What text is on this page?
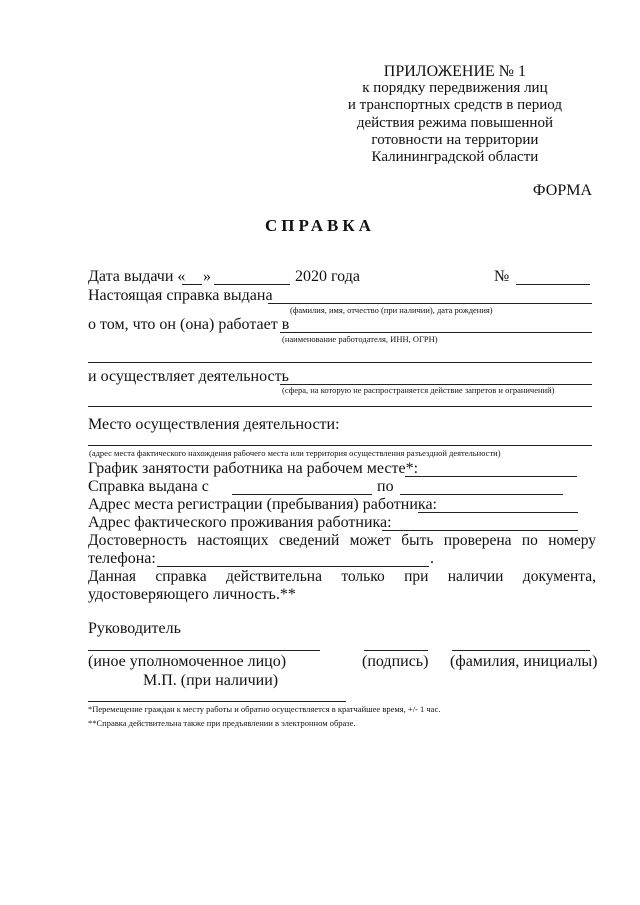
ПРИЛОЖЕНИЕ № 1
к порядку передвижения лиц
и транспортных средств в период
действия режима повышенной
готовности на территории
Калининградской области
ФОРМА
СПРАВКА
Дата выдачи « »	2020 года	№
Настоящая справка выдана
(фамилия, имя, отчество (при наличии), дата рождения)
о том, что он (она) работает в
(наименование работодателя, ИНН, ОГРН)
и осуществляет деятельность
(сфера, на которую не распространяется действие запретов и ограничений)
Место осуществления деятельности:
(адрес места фактического нахождения рабочего места или территория осуществления разъездной деятельности)
График занятости работника на рабочем месте*:
Справка выдана с	по
Адрес места регистрации (пребывания) работника:
Адрес фактического проживания работника:
Достоверность настоящих сведений может быть проверена по номеру
телефона:	.
Данная справка действительна только при наличии документа,
удостоверяющего личность.**
Руководитель
(иное уполномоченное лицо)	(подпись) (фамилия, инициалы)
М.П. (при наличии)
*Перемещение граждан к месту работы и обратно осуществляется в кратчайшее время, +/- 1 час.
**Справка действительна также при предъявлении в электронном образе.
